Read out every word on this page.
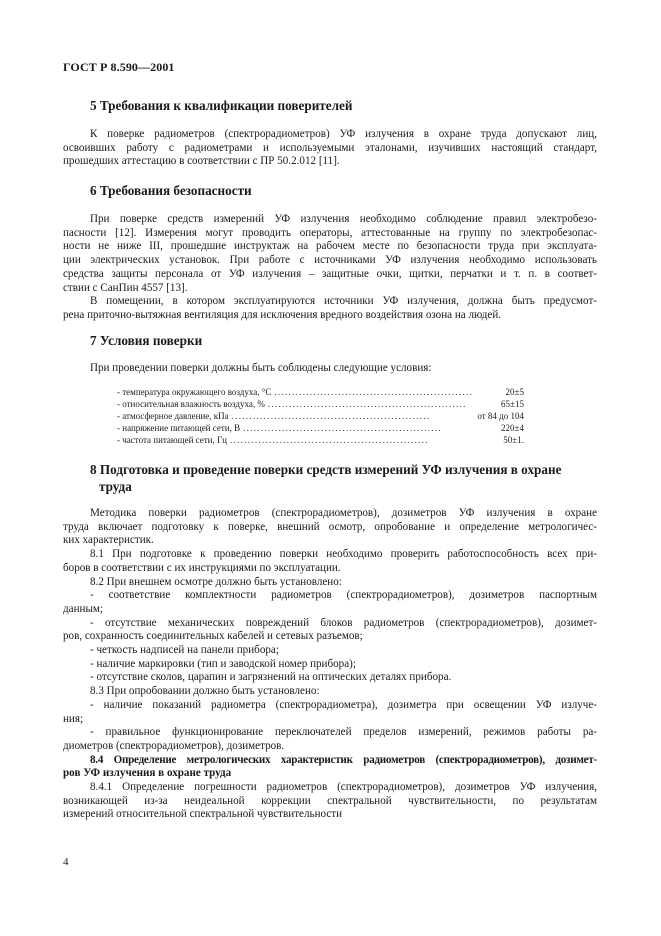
ГОСТ Р 8.590—2001
5 Требования к квалификации поверителей
К поверке радиометров (спектрорадиометров) УФ излучения в охране труда допускают лиц,
освоивших работу с радиометрами и используемыми эталонами, изучивших настоящий стандарт,
прошедших аттестацию в соответствии с ПР 50.2.012 [11].
6 Требования безопасности
При поверке средств измерений УФ излучения необходимо соблюдение правил электробезо-
пасности [12]. Измерения могут проводить операторы, аттестованные на группу по электробезопас-
ности не ниже III, прошедшие инструктаж на рабочем месте по безопасности труда при эксплуата-
ции электрических установок. При работе с источниками УФ излучения необходимо использовать
средства защиты персонала от УФ излучения – защитные очки, щитки, перчатки и т. п. в соответ-
ствии с СанПин 4557 [13].
В помещении, в котором эксплуатируются источники УФ излучения, должна быть предусмот-
рена приточно-вытяжная вентиляция для исключения вредного воздействия озона на людей.
7 Условия поверки
При проведении поверки должны быть соблюдены следующие условия:
- температура окружающего воздуха, °С ........................................................	20±5
- относительная влажность воздуха, % ........................................................	65±15
- атмосферное давление, кПа ........................................................	от 84 до 104
- напряжение питающей сети, В ........................................................	220±4
- частота питающей сети, Гц ........................................................	50±1.
8 Подготовка и проведение поверки средств измерений УФ излучения в охране
труда
Методика поверки радиометров (спектрорадиометров), дозиметров УФ излучения в охране
труда включает подготовку к поверке, внешний осмотр, опробование и определение метрологичес-
ких характеристик.
8.1 При подготовке к проведению поверки необходимо проверить работоспособность всех при-
боров в соответствии с их инструкциями по эксплуатации.
8.2 При внешнем осмотре должно быть установлено:
- соответствие комплектности радиометров (спектрорадиометров), дозиметров паспортным
данным;
- отсутствие механических повреждений блоков радиометров (спектрорадиометров), дозимет-
ров, сохранность соединительных кабелей и сетевых разъемов;
- четкость надписей на панели прибора;
- наличие маркировки (тип и заводской номер прибора);
- отсутствие сколов, царапин и загрязнений на оптических деталях прибора.
8.3 При опробовании должно быть установлено:
- наличие показаний радиометра (спектрорадиометра), дозиметра при освещении УФ излуче-
ния;
- правильное функционирование переключателей пределов измерений, режимов работы ра-
диометров (спектрорадиометров), дозиметров.
8.4 Определение метрологических характеристик радиометров (спектрорадиометров), дозимет-
ров УФ излучения в охране труда
8.4.1 Определение погрешности радиометров (спектрорадиометров), дозиметров УФ излучения,
возникающей из-за неидеальной коррекции спектральной чувствительности, по результатам
измерений относительной спектральной чувствительности
4
